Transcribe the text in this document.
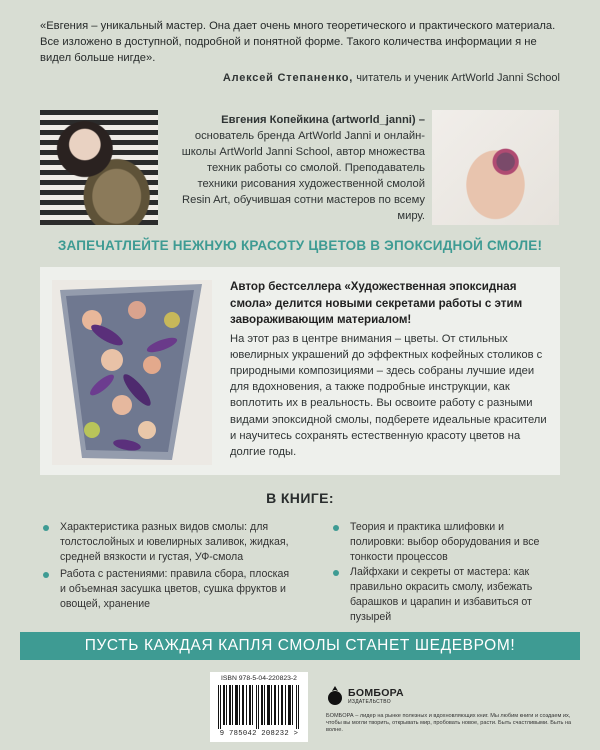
«Евгения – уникальный мастер. Она дает очень много теоретического и практического материала. Все изложено в доступной, подробной и понятной форме. Такого количества информации я не видел больше нигде».
Алексей Степаненко, читатель и ученик ArtWorld Janni School
Евгения Копейкина (artworld_janni) – основатель бренда ArtWorld Janni и онлайн-школы ArtWorld Janni School, автор множества техник работы со смолой. Преподаватель техники рисования художественной смолой Resin Art, обучившая сотни мастеров по всему миру.
ЗАПЕЧАТЛЕЙТЕ НЕЖНУЮ КРАСОТУ ЦВЕТОВ В ЭПОКСИДНОЙ СМОЛЕ!
Автор бестселлера «Художественная эпоксидная смола» делится новыми секретами работы с этим завораживающим материалом!
На этот раз в центре внимания – цветы. От стильных ювелирных украшений до эффектных кофейных столиков с природными композициями – здесь собраны лучшие идеи для вдохновения, а также подробные инструкции, как воплотить их в реальность. Вы освоите работу с разными видами эпоксидной смолы, подберете идеальные красители и научитесь сохранять естественную красоту цветов на долгие годы.
В КНИГЕ:
Характеристика разных видов смолы: для толстослойных и ювелирных заливок, жидкая, средней вязкости и густая, УФ-смола
Работа с растениями: правила сбора, плоская и объемная засушка цветов, сушка фруктов и овощей, хранение
Теория и практика шлифовки и полировки: выбор оборудования и все тонкости процессов
Лайфхаки и секреты от мастера: как правильно окрасить смолу, избежать барашков и царапин и избавиться от пузырей
ПУСТЬ КАЖДАЯ КАПЛЯ СМОЛЫ СТАНЕТ ШЕДЕВРОМ!
ISBN 978-5-04-220823-2
9 785042 208232 >
БОМБОРА
ИЗДАТЕЛЬСТВО
БОМБОРА – лидер на рынке полезных и вдохновляющих книг. Мы любим книги и создаем их, чтобы вы могли творить, открывать мир, пробовать новое, расти. Быть счастливыми. Быть на волне.
